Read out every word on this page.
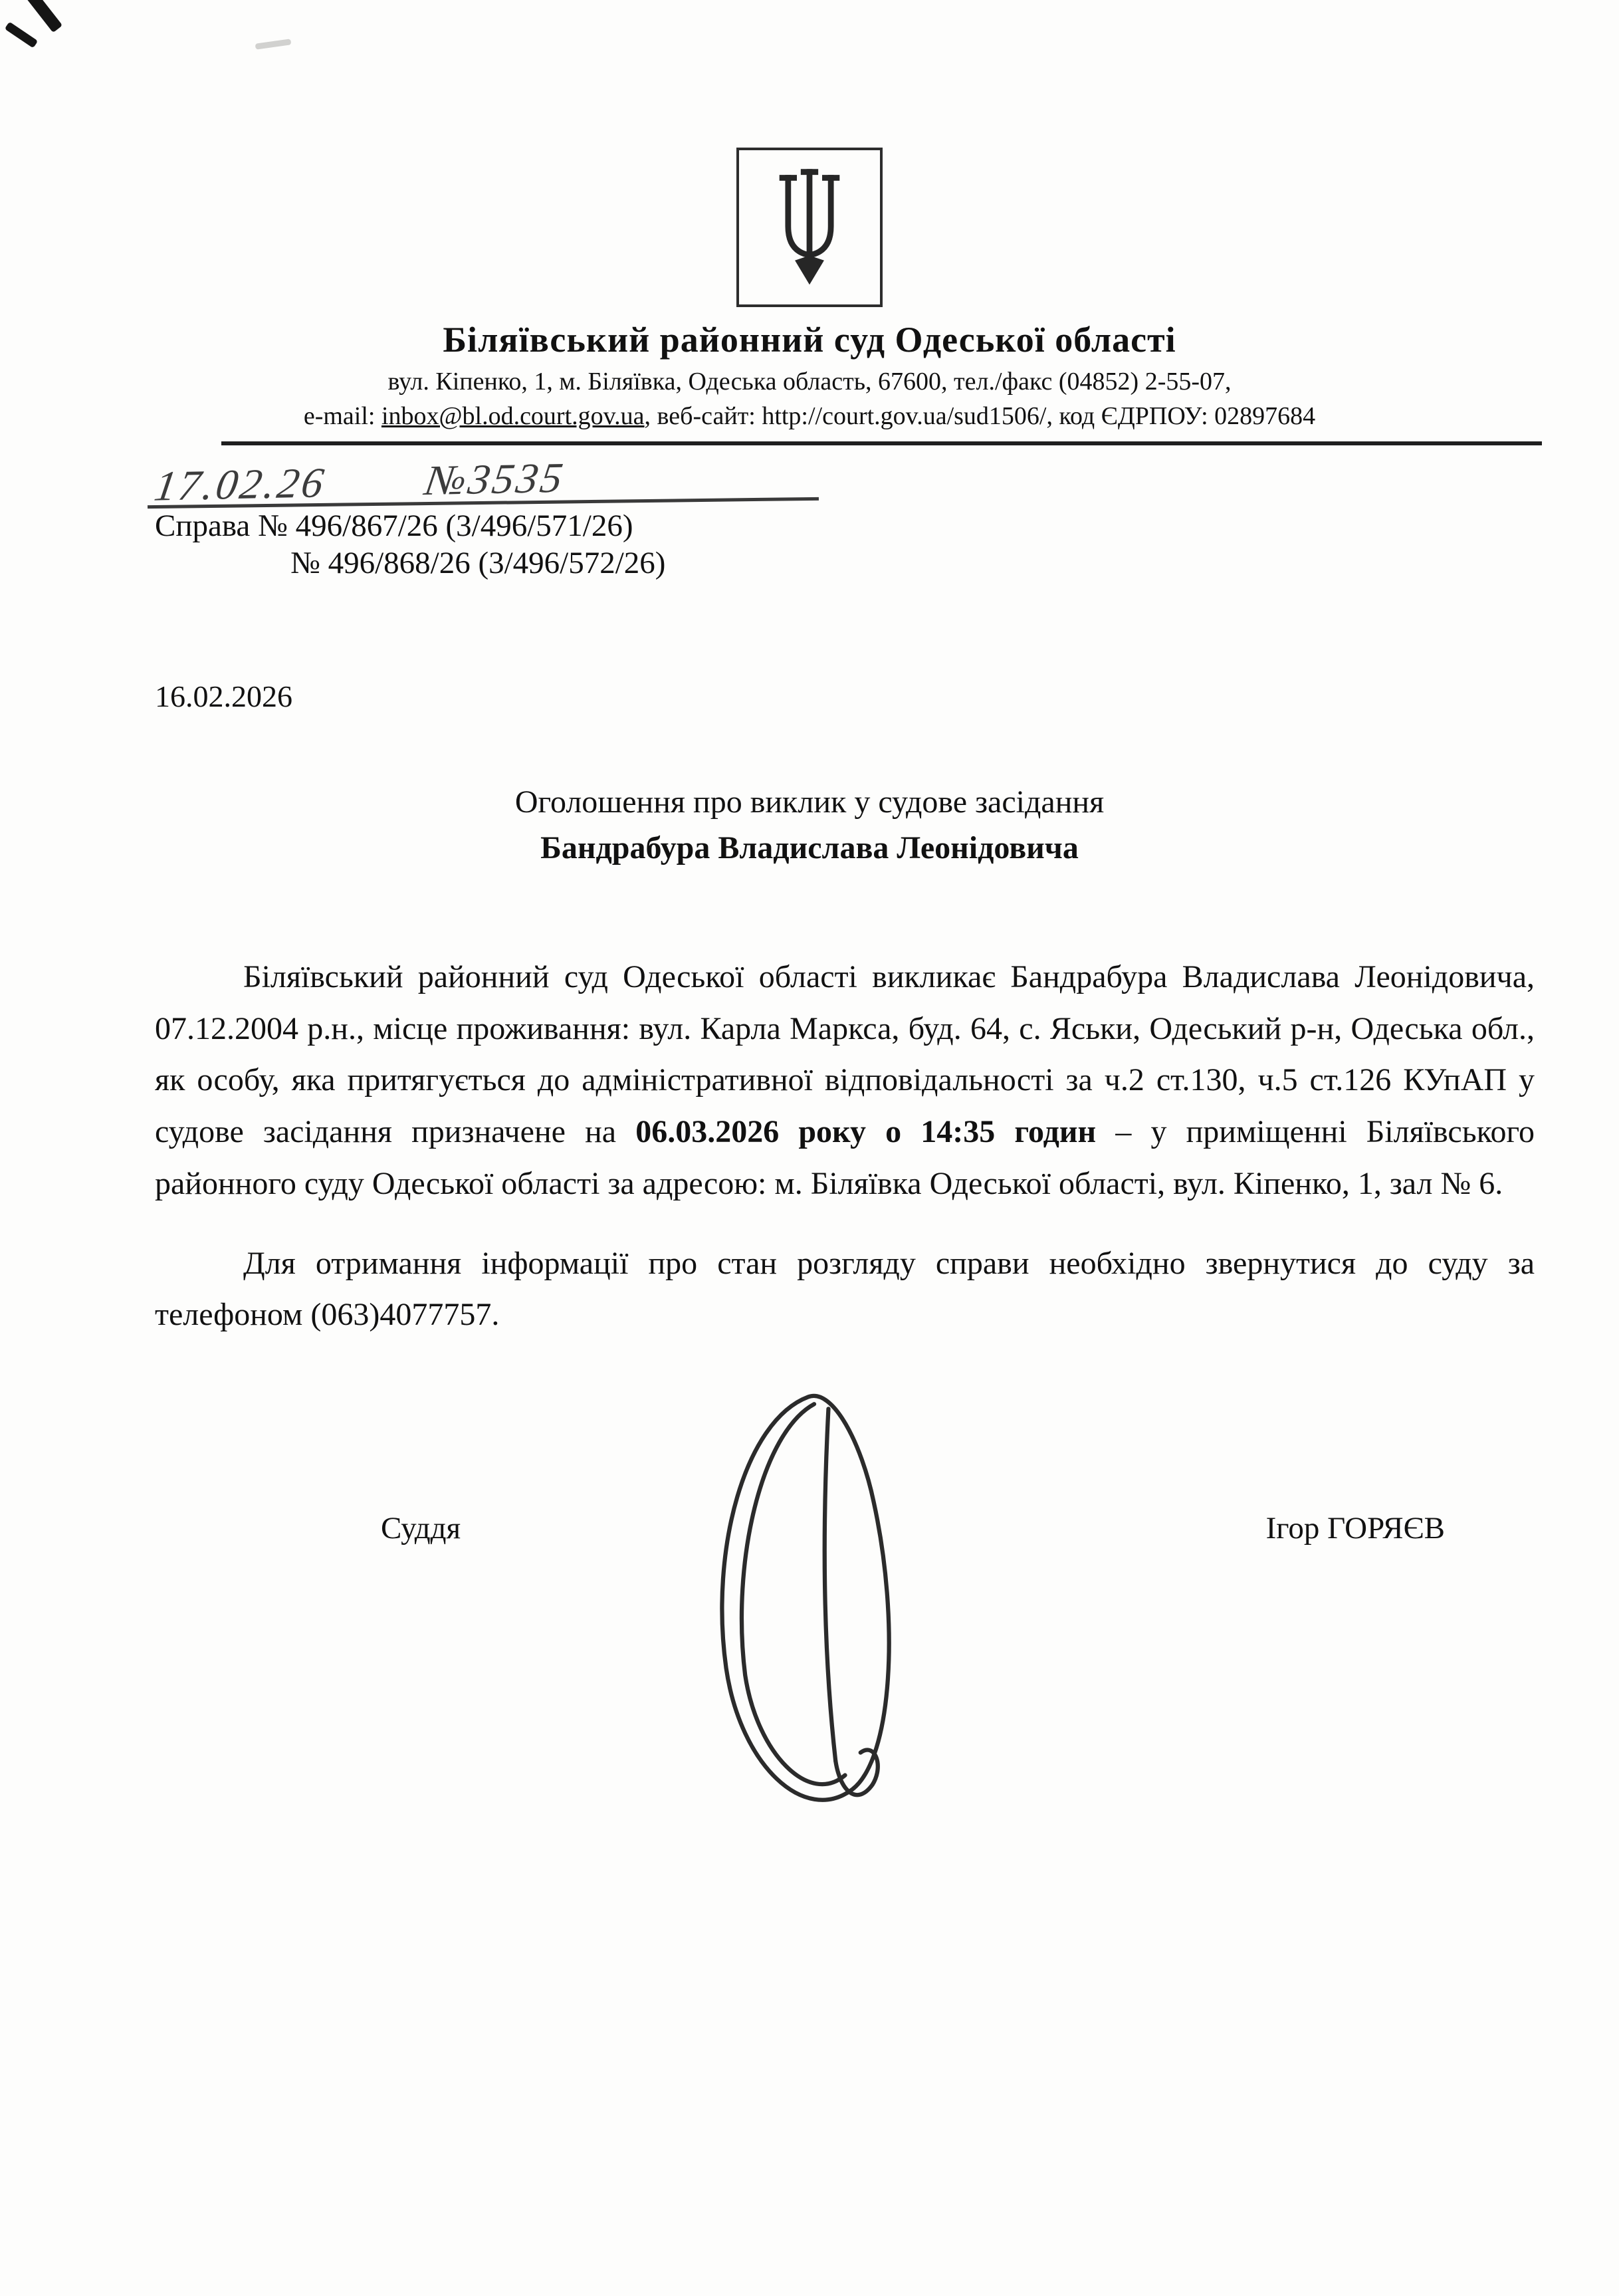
Біляївський районний суд Одеської області
вул. Кіпенко, 1, м. Біляївка, Одеська область, 67600, тел./факс (04852) 2-55-07,
e-mail: inbox@bl.od.court.gov.ua, веб-сайт: http://court.gov.ua/sud1506/, код ЄДРПОУ: 02897684
17.02.26 №3535
Справа № 496/867/26 (3/496/571/26)
№ 496/868/26 (3/496/572/26)
16.02.2026
Оголошення про виклик у судове засідання
Бандрабура Владислава Леонідовича

Біляївський районний суд Одеської області викликає Бандрабура Владислава Леонідовича, 07.12.2004 р.н., місце проживання: вул. Карла Маркса, буд. 64, с. Яськи, Одеський р-н, Одеська обл., як особу, яка притягується до адміністративної відповідальності за ч.2 ст.130, ч.5 ст.126 КУпАП у судове засідання призначене на 06.03.2026 року о 14:35 годин – у приміщенні Біляївського районного суду Одеської області за адресою: м. Біляївка Одеської області, вул. Кіпенко, 1, зал № 6.

Для отримання інформації про стан розгляду справи необхідно звернутися до суду за телефоном (063)4077757.

Суддя	Ігор ГОРЯЄВ
